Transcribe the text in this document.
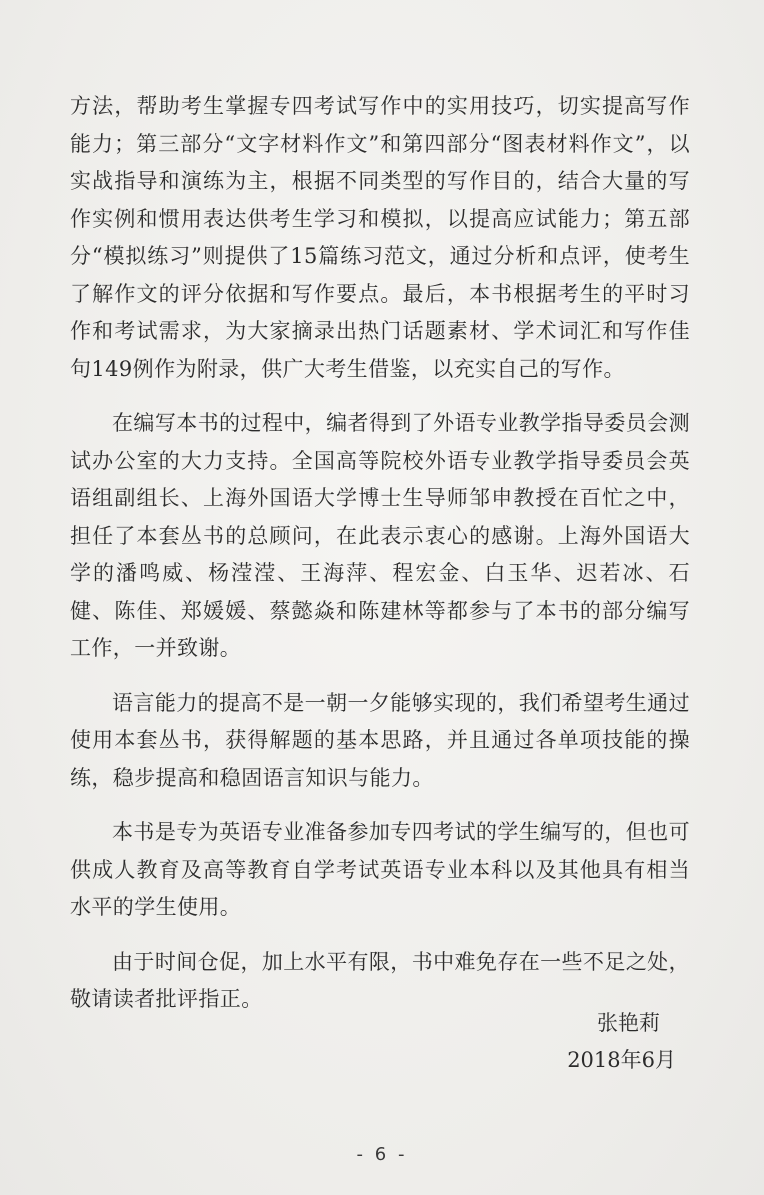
方法，帮助考生掌握专四考试写作中的实用技巧，切实提高写作能力；第三部分“文字材料作文”和第四部分“图表材料作文”，以实战指导和演练为主，根据不同类型的写作目的，结合大量的写作实例和惯用表达供考生学习和模拟，以提高应试能力；第五部分“模拟练习”则提供了15篇练习范文，通过分析和点评，使考生了解作文的评分依据和写作要点。最后，本书根据考生的平时习作和考试需求，为大家摘录出热门话题素材、学术词汇和写作佳句149例作为附录，供广大考生借鉴，以充实自己的写作。

在编写本书的过程中，编者得到了外语专业教学指导委员会测试办公室的大力支持。全国高等院校外语专业教学指导委员会英语组副组长、上海外国语大学博士生导师邹申教授在百忙之中，担任了本套丛书的总顾问，在此表示衷心的感谢。上海外国语大学的潘鸣威、杨滢滢、王海萍、程宏金、白玉华、迟若冰、石健、陈佳、郑媛媛、蔡懿焱和陈建林等都参与了本书的部分编写工作，一并致谢。

语言能力的提高不是一朝一夕能够实现的，我们希望考生通过使用本套丛书，获得解题的基本思路，并且通过各单项技能的操练，稳步提高和稳固语言知识与能力。

本书是专为英语专业准备参加专四考试的学生编写的，但也可供成人教育及高等教育自学考试英语专业本科以及其他具有相当水平的学生使用。

由于时间仓促，加上水平有限，书中难免存在一些不足之处，敬请读者批评指正。

张艳莉
2018年6月
- 6 -
